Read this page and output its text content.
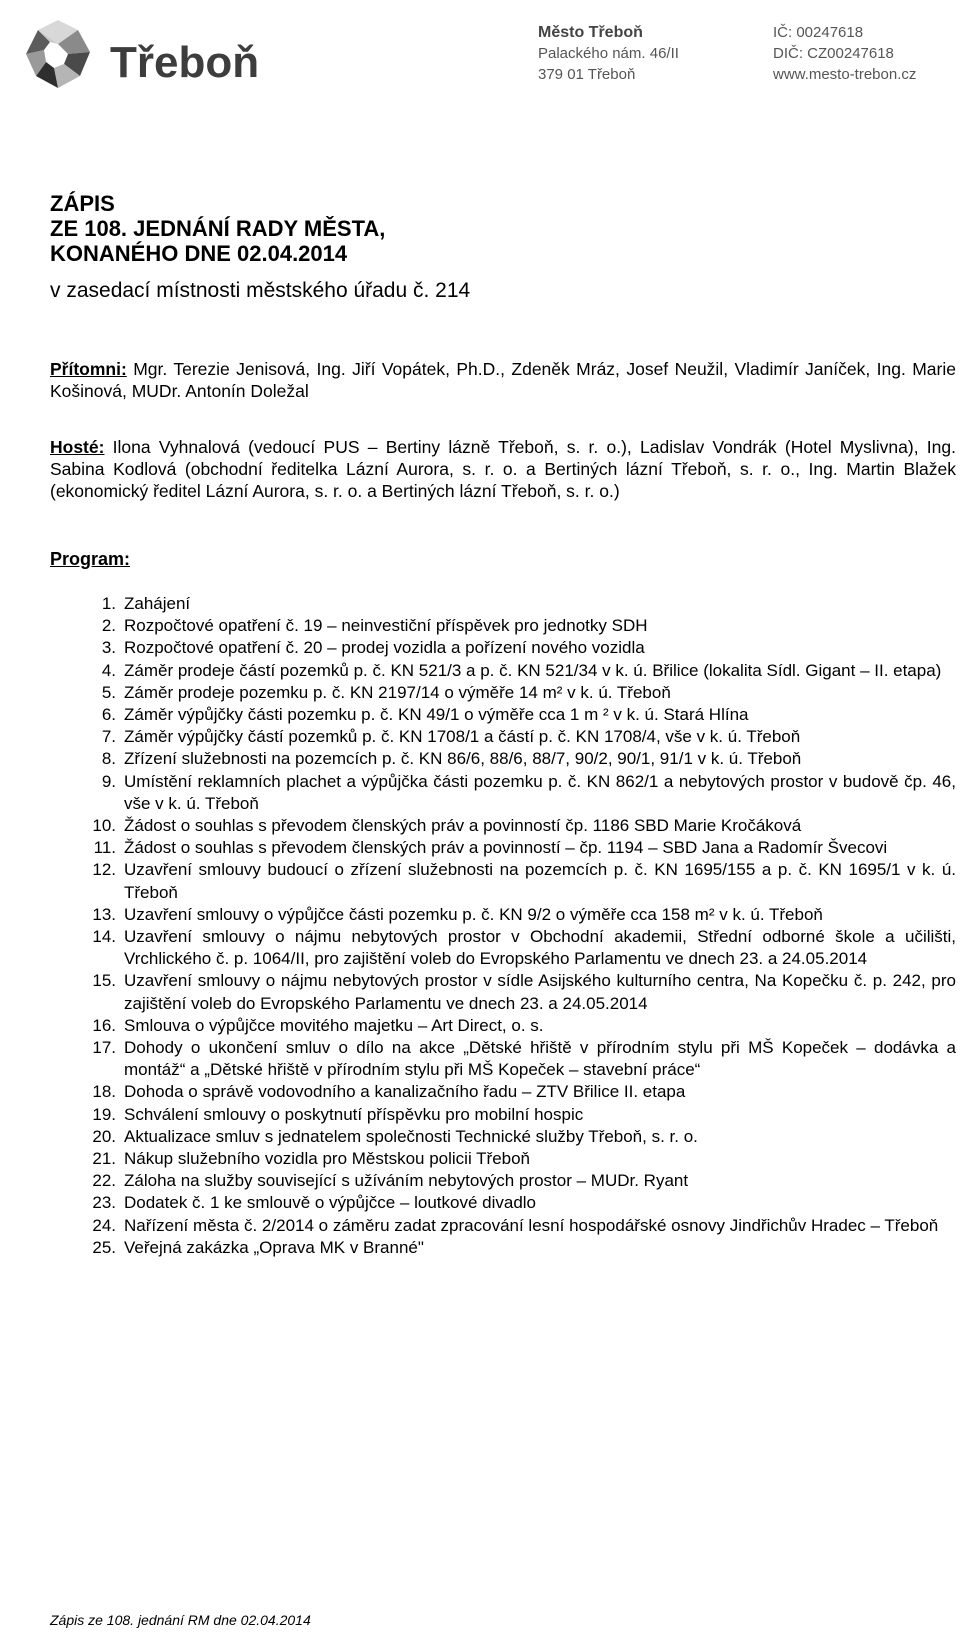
Třeboň
Město Třeboň
Palackého nám. 46/II
379 01 Třeboň
IČ: 00247618
DIČ: CZ00247618
www.mesto-trebon.cz
ZÁPIS
ZE 108. JEDNÁNÍ RADY MĚSTA,
KONANÉHO DNE 02.04.2014
v zasedací místnosti městského úřadu č. 214
Přítomni: Mgr. Terezie Jenisová, Ing. Jiří Vopátek, Ph.D., Zdeněk Mráz, Josef Neužil, Vladimír Janíček, Ing. Marie Košinová, MUDr. Antonín Doležal
Hosté: Ilona Vyhnalová (vedoucí PUS – Bertiny lázně Třeboň, s. r. o.), Ladislav Vondrák (Hotel Myslivna), Ing. Sabina Kodlová (obchodní ředitelka Lázní Aurora, s. r. o. a Bertiných lázní Třeboň, s. r. o., Ing. Martin Blažek (ekonomický ředitel Lázní Aurora, s. r. o. a Bertiných lázní Třeboň, s. r. o.)
Program:
1. Zahájení
2. Rozpočtové opatření č. 19 – neinvestiční příspěvek pro jednotky SDH
3. Rozpočtové opatření č. 20 – prodej vozidla a pořízení nového vozidla
4. Záměr prodeje částí pozemků p. č. KN 521/3 a p. č. KN 521/34 v k. ú. Břilice (lokalita Sídl. Gigant – II. etapa)
5. Záměr prodeje pozemku p. č. KN 2197/14 o výměře 14 m² v k. ú. Třeboň
6. Záměr výpůjčky části pozemku p. č. KN 49/1 o výměře cca 1 m ² v k. ú. Stará Hlína
7. Záměr výpůjčky částí pozemků p. č. KN 1708/1 a částí p. č. KN 1708/4, vše v k. ú. Třeboň
8. Zřízení služebnosti na pozemcích p. č. KN 86/6, 88/6, 88/7, 90/2, 90/1, 91/1 v k. ú. Třeboň
9. Umístění reklamních plachet a výpůjčka části pozemku p. č. KN 862/1 a nebytových prostor v budově čp. 46, vše v k. ú. Třeboň
10. Žádost o souhlas s převodem členských práv a povinností čp. 1186 SBD Marie Kročáková
11. Žádost o souhlas s převodem členských práv a povinností – čp. 1194 – SBD Jana a Radomír Švecovi
12. Uzavření smlouvy budoucí o zřízení služebnosti na pozemcích p. č. KN 1695/155 a p. č. KN 1695/1 v k. ú. Třeboň
13. Uzavření smlouvy o výpůjčce části pozemku p. č. KN 9/2 o výměře cca 158 m² v k. ú. Třeboň
14. Uzavření smlouvy o nájmu nebytových prostor v Obchodní akademii, Střední odborné škole a učilišti, Vrchlického č. p. 1064/II, pro zajištění voleb do Evropského Parlamentu ve dnech 23. a 24.05.2014
15. Uzavření smlouvy o nájmu nebytových prostor v sídle Asijského kulturního centra, Na Kopečku č. p. 242, pro zajištění voleb do Evropského Parlamentu ve dnech 23. a 24.05.2014
16. Smlouva o výpůjčce movitého majetku – Art Direct, o. s.
17. Dohody o ukončení smluv o dílo na akce „Dětské hřiště v přírodním stylu při MŠ Kopeček – dodávka a montáž“ a „Dětské hřiště v přírodním stylu při MŠ Kopeček – stavební práce“
18. Dohoda o správě vodovodního a kanalizačního řadu – ZTV Břilice II. etapa
19. Schválení smlouvy o poskytnutí příspěvku pro mobilní hospic
20. Aktualizace smluv s jednatelem společnosti Technické služby Třeboň, s. r. o.
21. Nákup služebního vozidla pro Městskou policii Třeboň
22. Záloha na služby související s užíváním nebytových prostor – MUDr. Ryant
23. Dodatek č. 1 ke smlouvě o výpůjčce – loutkové divadlo
24. Nařízení města č. 2/2014 o záměru zadat zpracování lesní hospodářské osnovy Jindřichův Hradec – Třeboň
25. Veřejná zakázka „Oprava MK v Branné"
Zápis ze 108. jednání RM dne 02.04.2014
